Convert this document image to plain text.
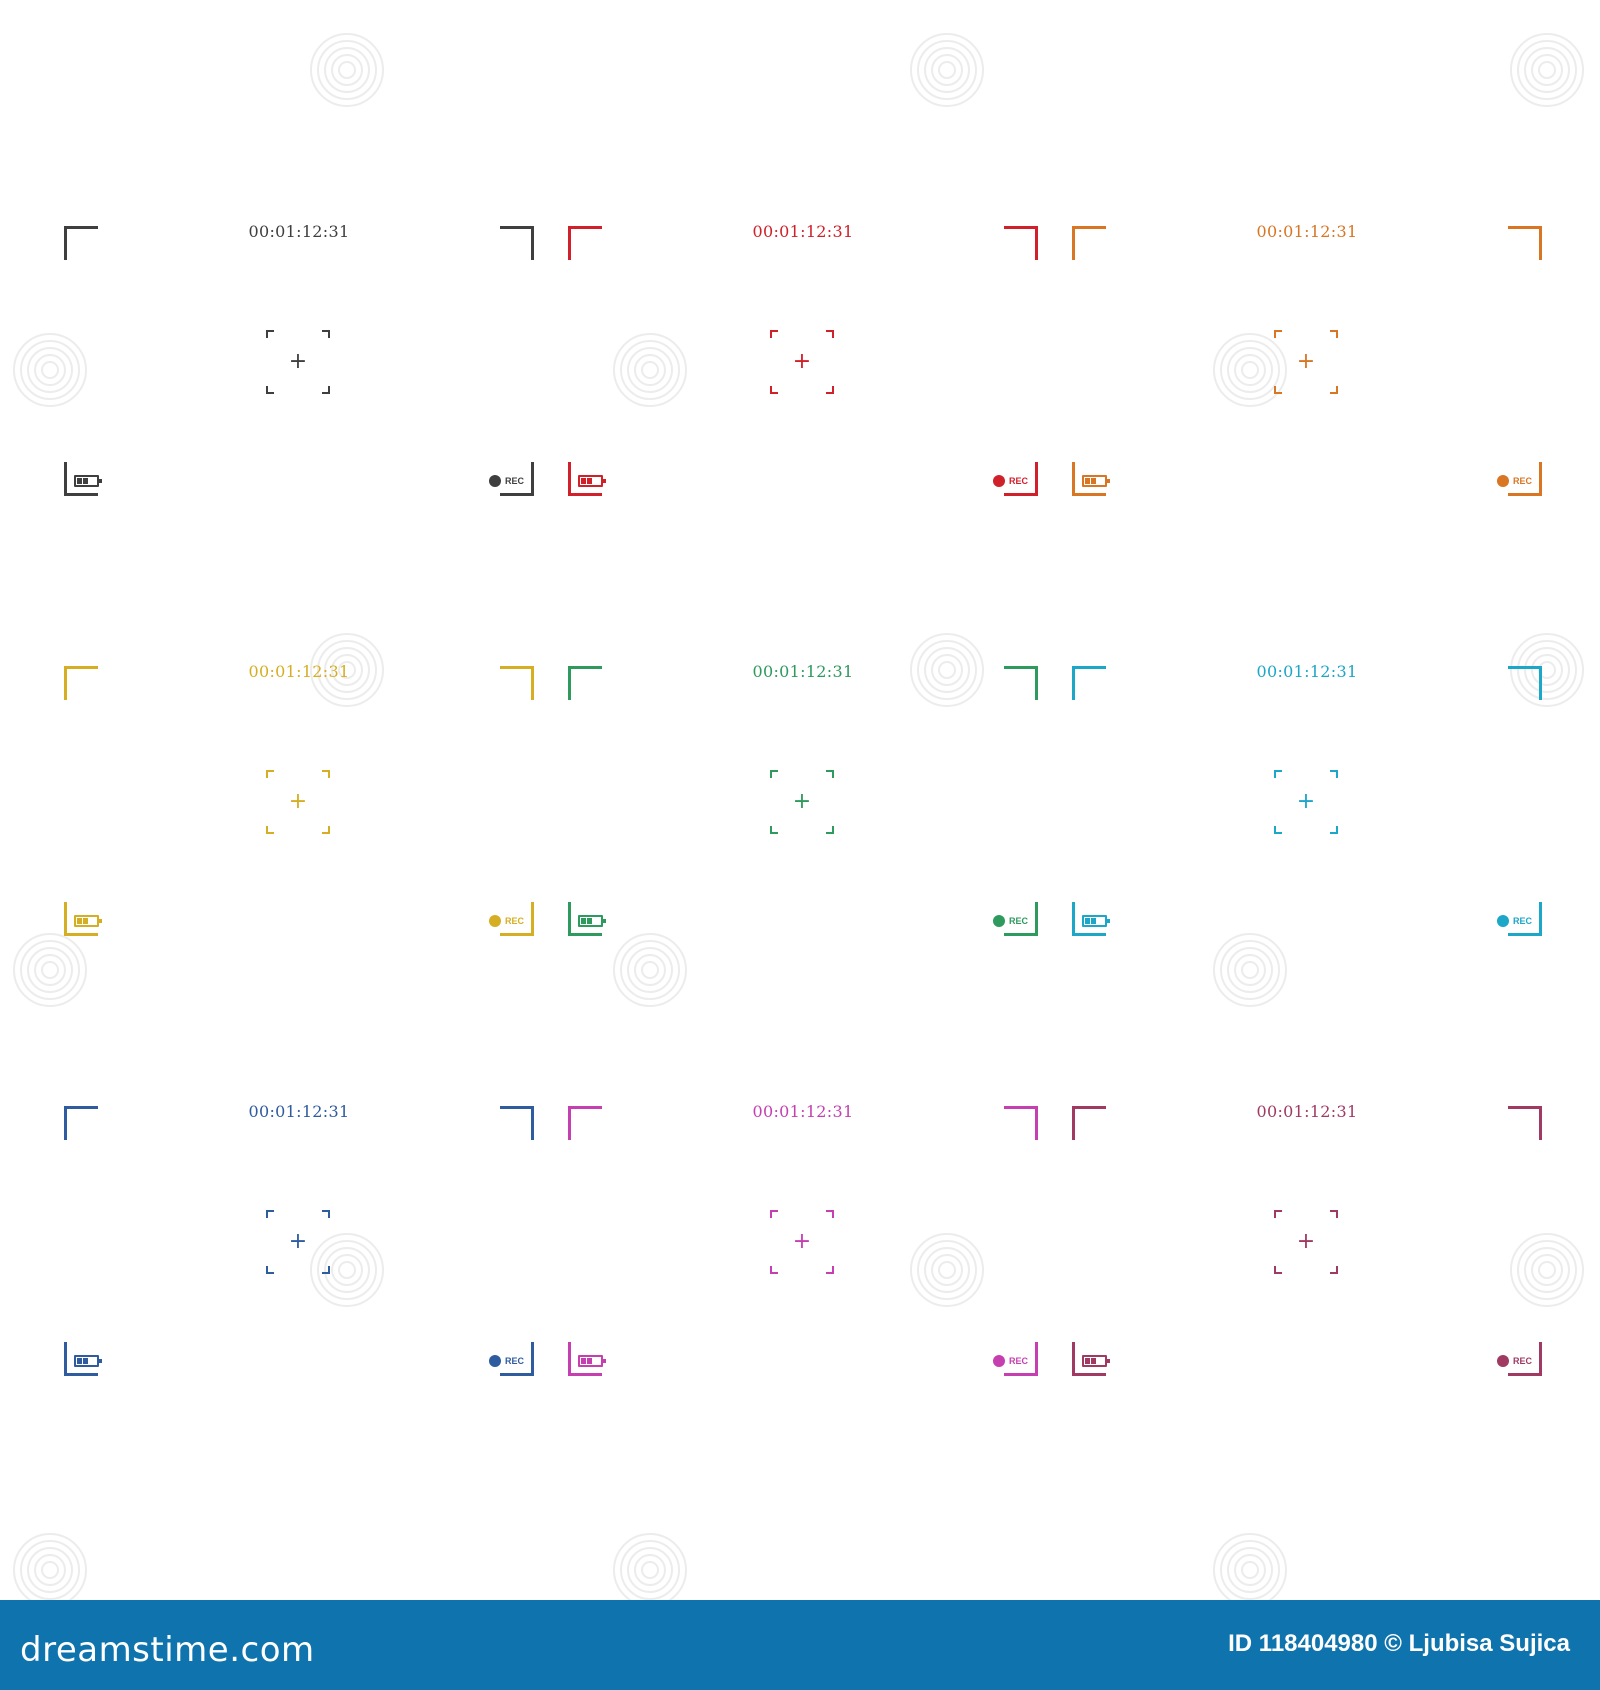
00:01:12:31
+
REC
00:01:12:31
+
REC
00:01:12:31
+
REC
00:01:12:31
+
REC
00:01:12:31
+
REC
00:01:12:31
+
REC
00:01:12:31
+
REC
00:01:12:31
+
REC
00:01:12:31
+
REC
dreamstime.com	ID 118404980 © Ljubisa Sujica
